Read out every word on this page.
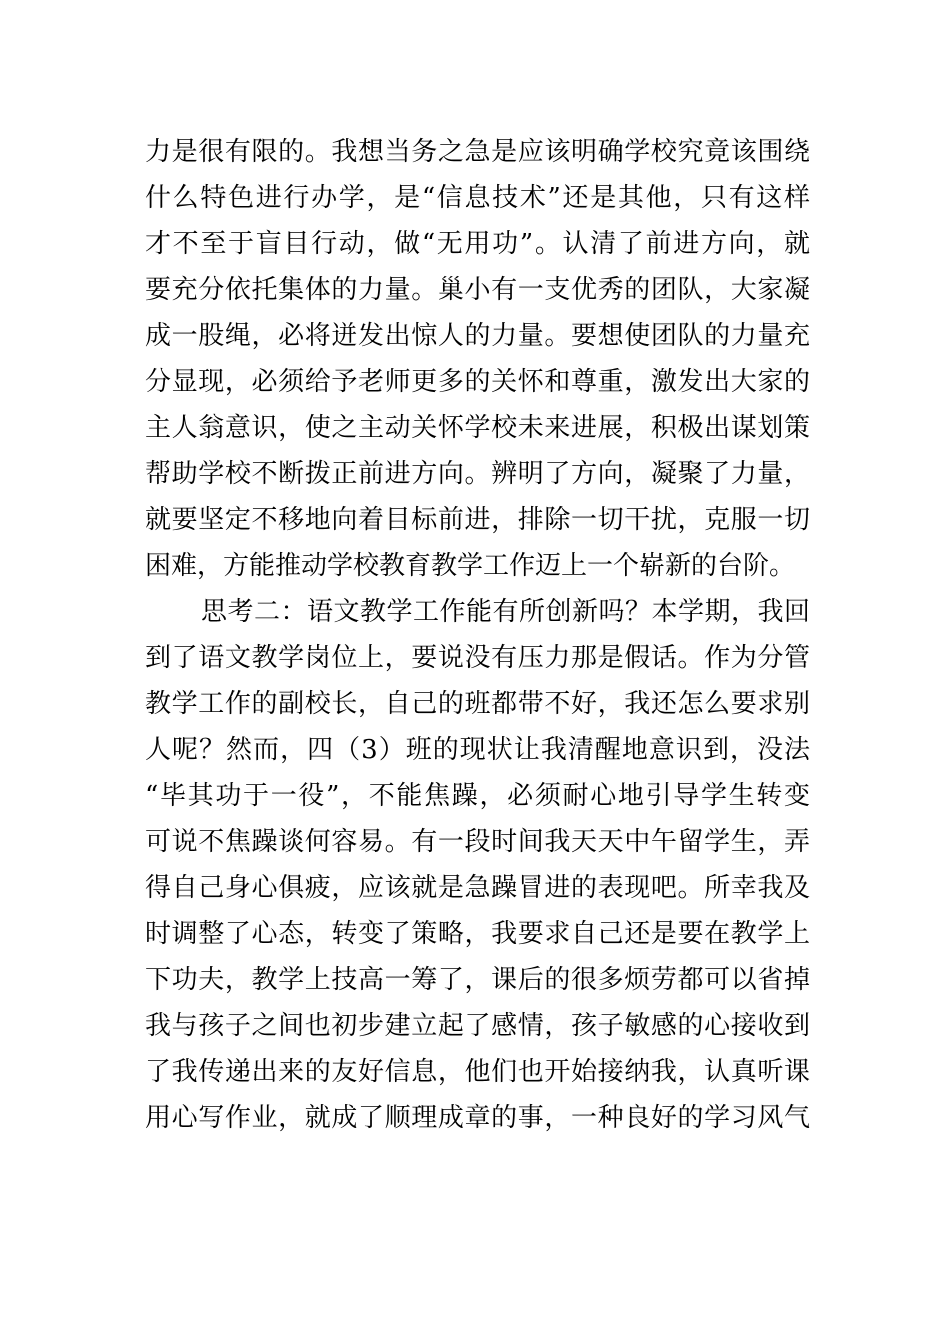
力是很有限的。我想当务之急是应该明确学校究竟该围绕
什么特色进行办学，是“信息技术”还是其他，只有这样
才不至于盲目行动，做“无用功”。认清了前进方向，就
要充分依托集体的力量。巢小有一支优秀的团队，大家凝
成一股绳，必将迸发出惊人的力量。要想使团队的力量充
分显现，必须给予老师更多的关怀和尊重，激发出大家的
主人翁意识，使之主动关怀学校未来进展，积极出谋划策
帮助学校不断拨正前进方向。辨明了方向，凝聚了力量，
就要坚定不移地向着目标前进，排除一切干扰，克服一切
困难，方能推动学校教育教学工作迈上一个崭新的台阶。
思考二：语文教学工作能有所创新吗？本学期，我回
到了语文教学岗位上，要说没有压力那是假话。作为分管
教学工作的副校长，自己的班都带不好，我还怎么要求别
人呢？然而，四（3）班的现状让我清醒地意识到，没法
“毕其功于一役”，不能焦躁，必须耐心地引导学生转变
可说不焦躁谈何容易。有一段时间我天天中午留学生，弄
得自己身心俱疲，应该就是急躁冒进的表现吧。所幸我及
时调整了心态，转变了策略，我要求自己还是要在教学上
下功夫，教学上技高一筹了，课后的很多烦劳都可以省掉
我与孩子之间也初步建立起了感情，孩子敏感的心接收到
了我传递出来的友好信息，他们也开始接纳我，认真听课
用心写作业，就成了顺理成章的事，一种良好的学习风气
